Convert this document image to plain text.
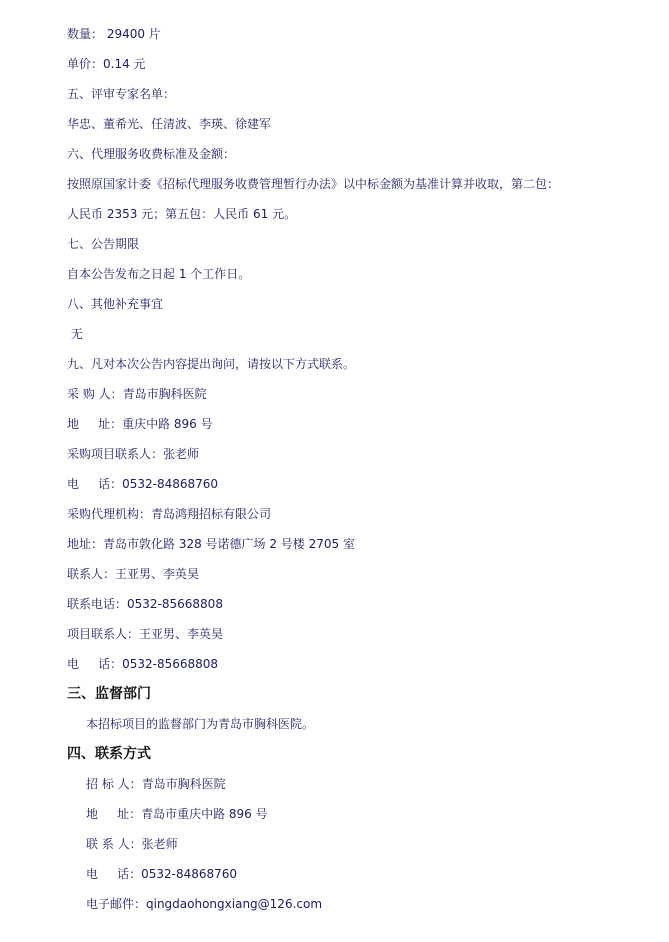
数量： 29400 片
单价：0.14 元
五、评审专家名单：
华忠、董希光、任清波、李瑛、徐建军
六、代理服务收费标准及金额：
按照原国家计委《招标代理服务收费管理暂行办法》以中标金额为基准计算并收取，第二包：
人民币 2353 元；第五包：人民币 61 元。
七、公告期限
自本公告发布之日起 1 个工作日。
八、其他补充事宜
无
九、凡对本次公告内容提出询问，请按以下方式联系。
采 购 人：青岛市胸科医院
地     址：重庆中路 896 号
采购项目联系人：张老师
电     话：0532-84868760
采购代理机构：青岛鸿翔招标有限公司
地址：青岛市敦化路 328 号诺德广场 2 号楼 2705 室
联系人：王亚男、李英昊
联系电话：0532-85668808
项目联系人：王亚男、李英昊
电     话：0532-85668808
三、监督部门
本招标项目的监督部门为青岛市胸科医院。
四、联系方式
招 标 人：青岛市胸科医院
地     址：青岛市重庆中路 896 号
联 系 人：张老师
电     话：0532-84868760
电子邮件：qingdaohongxiang@126.com
